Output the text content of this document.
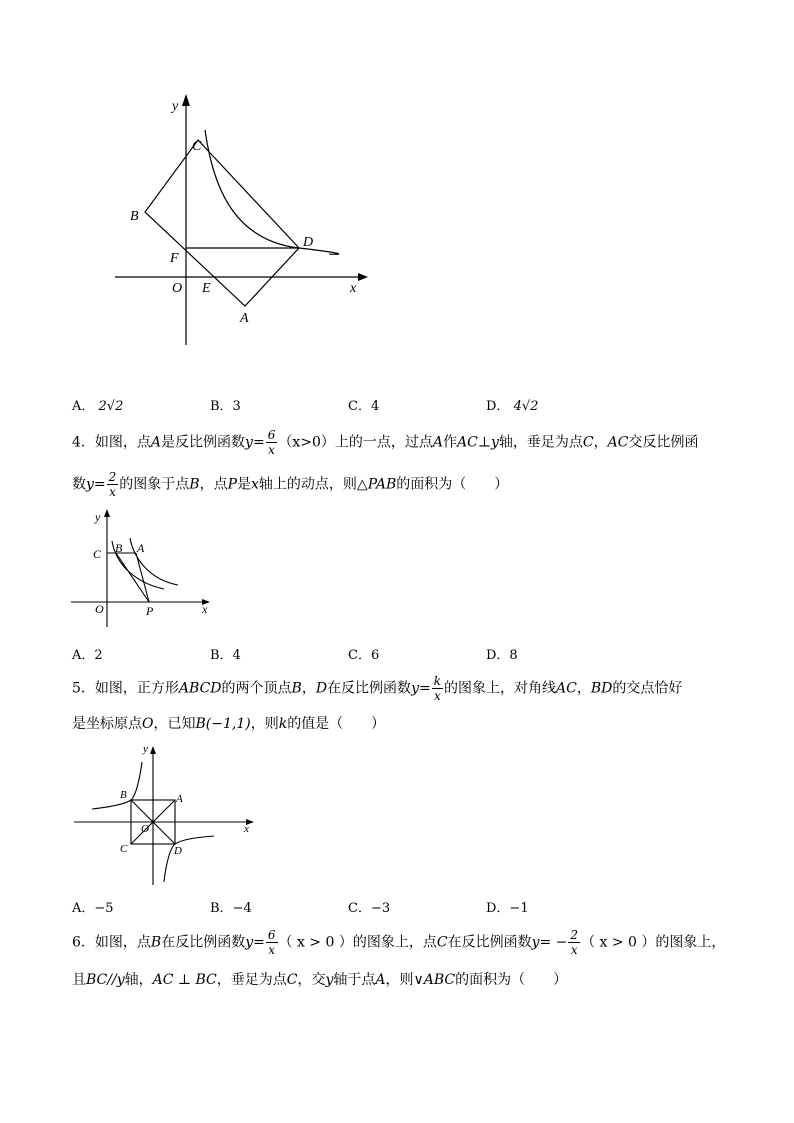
y
C
B
F
D
O E	x
A
A． 2√2	B．3	C．4	D． 4√2
4．如图，点A是反比例函数$y= \frac{6}{x} (x>0)$上的一点，过点A作AC⊥y轴，垂足为点C，AC交反比例函
数$y= \frac{2}{x}$ 的图象于点B，点P是x轴上的动点，则△PAB的面积为（　　）
y
C B A
O	P	x
A．2	B．4	C．6	D．8
5．如图，正方形ABCD的两个顶点B，D在反比例函数$y= \frac{k}{x}$ 的图象上，对角线AC，BD的交点恰好
是坐标原点O，已知B(−1,1)，则k的值是（　　）
y
B	A
O	x
C	D
A．−5	B．−4	C．−3	D．−1
6．如图，点B在反比例函数$y= \frac{6}{x}$ （ x > 0 ）的图象上，点C在反比例函数$y= - \frac{2}{x}$ （ x > 0 ）的图象上，
且BC//y轴，AC ⊥ BC，垂足为点C，交y轴于点A，则∨ABC的面积为（　　）
